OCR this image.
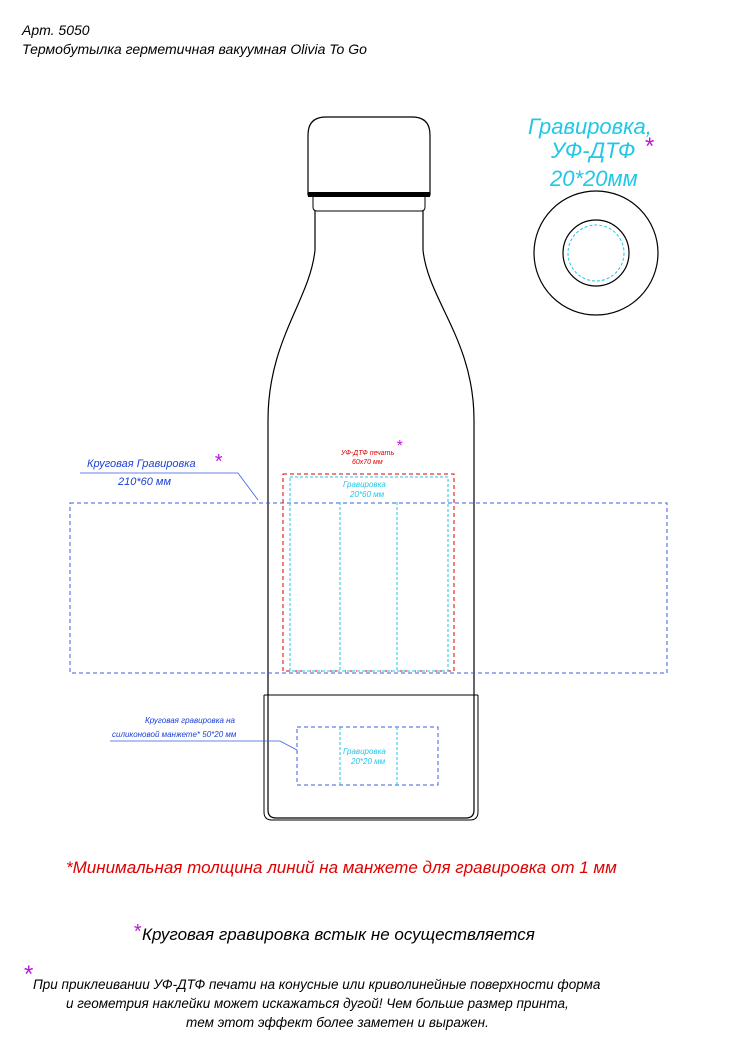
Арт. 5050
Термобутылка герметичная вакуумная Olivia To Go
Гравировка,
УФ-ДТФ *
20*20мм
Круговая Гравировка *
210*60 мм
УФ-ДТФ печать
60х70 мм
*
Гравировка
20*60 мм
Круговая гравировка на
силиконовой манжете* 50*20 мм
Гравировка
20*20 мм
*Минимальная толщина линий на манжете для гравировка от 1 мм
* Круговая гравировка встык не осуществляется
* При приклеивании УФ-ДТФ печати на конусные или криволинейные поверхности форма
и геометрия наклейки может искажаться дугой! Чем больше размер принта,
тем этот эффект более заметен и выражен.
